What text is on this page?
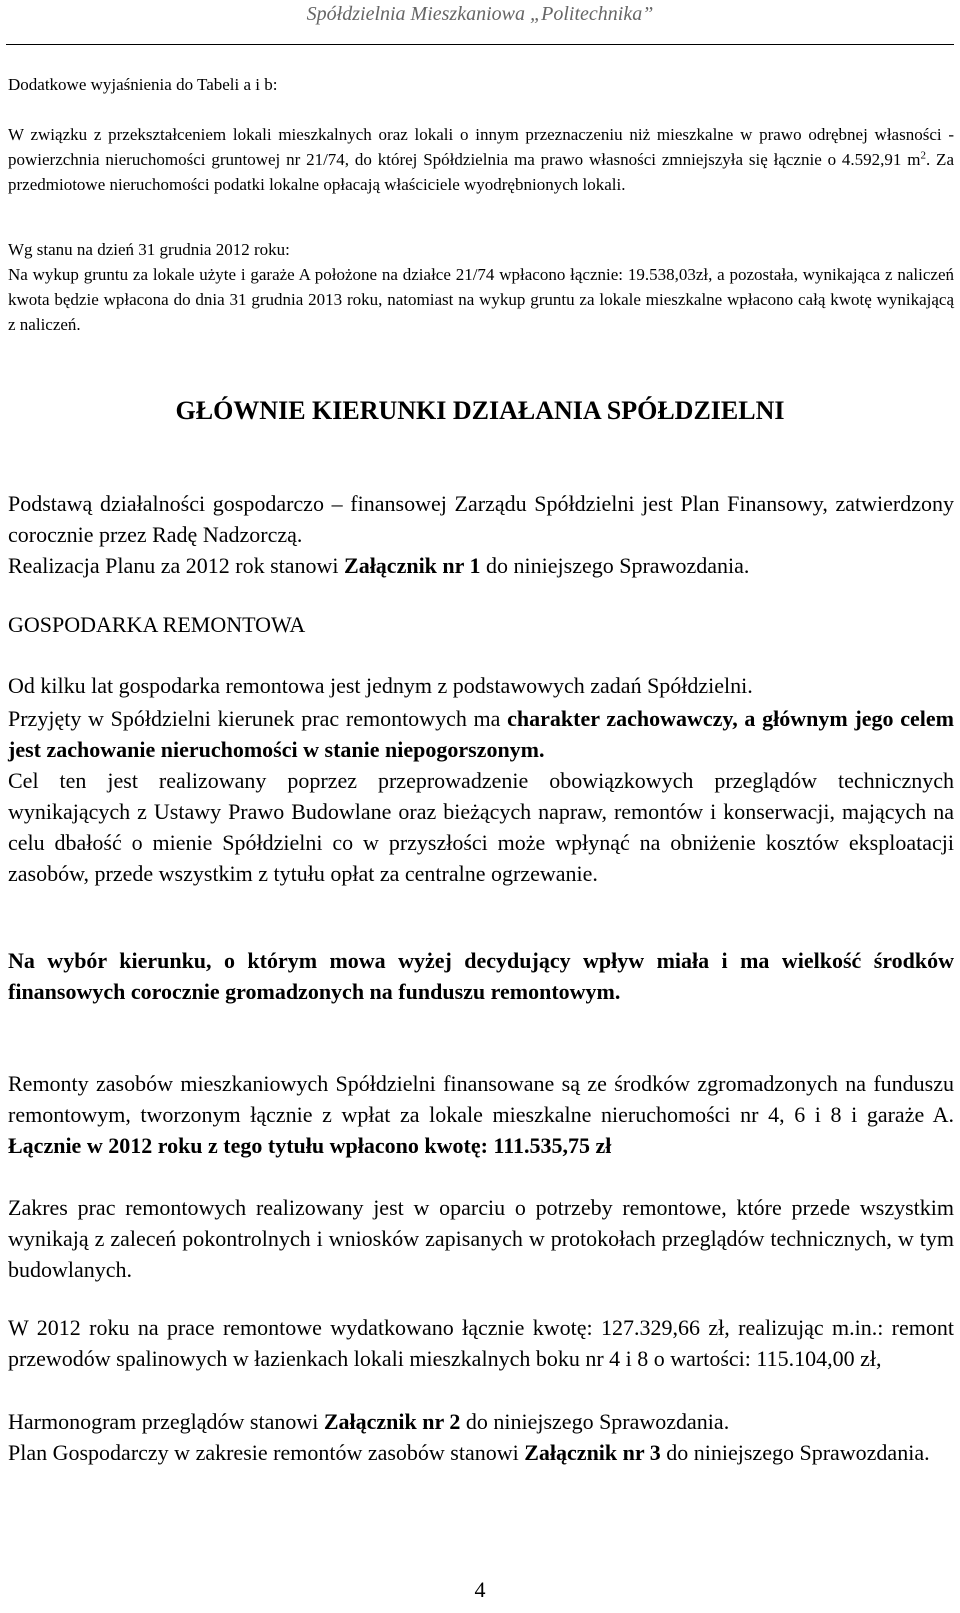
Spółdzielnia Mieszkaniowa „Politechnika”

Dodatkowe wyjaśnienia do Tabeli a i b:

W związku z przekształceniem lokali mieszkalnych oraz lokali o innym przeznaczeniu niż mieszkalne w prawo odrębnej własności - powierzchnia nieruchomości gruntowej nr 21/74, do której Spółdzielnia ma prawo własności zmniejszyła się łącznie o 4.592,91 $m^2$. Za przedmiotowe nieruchomości podatki lokalne opłacają właściciele wyodrębnionych lokali.

Wg stanu na dzień 31 grudnia 2012 roku:

Na wykup gruntu za lokale użyte i garaże A położone na działce 21/74 wpłacono łącznie: 19.538,03zł, a pozostała, wynikająca z naliczeń kwota będzie wpłacona do dnia 31 grudnia 2013 roku, natomiast na wykup gruntu za lokale mieszkalne wpłacono całą kwotę wynikającą z naliczeń.

GŁÓWNIE KIERUNKI DZIAŁANIA SPÓŁDZIELNI

Podstawą działalności gospodarczo – finansowej Zarządu Spółdzielni jest Plan Finansowy, zatwierdzony corocznie przez Radę Nadzorczą.

Realizacja Planu za 2012 rok stanowi Załącznik nr 1 do niniejszego Sprawozdania.

GOSPODARKA REMONTOWA

Od kilku lat gospodarka remontowa jest jednym z podstawowych zadań Spółdzielni.

Przyjęty w Spółdzielni kierunek prac remontowych ma charakter zachowawczy, a głównym jego celem jest zachowanie nieruchomości w stanie niepogorszonym.

Cel ten jest realizowany poprzez przeprowadzenie obowiązkowych przeglądów technicznych wynikających z Ustawy Prawo Budowlane oraz bieżących napraw, remontów i konserwacji, mających na celu dbałość o mienie Spółdzielni co w przyszłości może wpłynąć na obniżenie kosztów eksploatacji zasobów, przede wszystkim z tytułu opłat za centralne ogrzewanie.

Na wybór kierunku, o którym mowa wyżej decydujący wpływ miała i ma wielkość środków finansowych corocznie gromadzonych na funduszu remontowym.

Remonty zasobów mieszkaniowych Spółdzielni finansowane są ze środków zgromadzonych na funduszu remontowym, tworzonym łącznie z wpłat za lokale mieszkalne nieruchomości nr 4, 6 i 8 i garaże A. Łącznie w 2012 roku z tego tytułu wpłacono kwotę: 111.535,75 zł

Zakres prac remontowych realizowany jest w oparciu o potrzeby remontowe, które przede wszystkim wynikają z zaleceń pokontrolnych i wniosków zapisanych w protokołach przeglądów technicznych, w tym budowlanych.

W 2012 roku na prace remontowe wydatkowano łącznie kwotę: 127.329,66 zł, realizując m.in.: remont przewodów spalinowych w łazienkach lokali mieszkalnych boku nr 4 i 8 o wartości: 115.104,00 zł,

Harmonogram przeglądów stanowi Załącznik nr 2 do niniejszego Sprawozdania.

Plan Gospodarczy w zakresie remontów zasobów stanowi Załącznik nr 3 do niniejszego Sprawozdania.

4
